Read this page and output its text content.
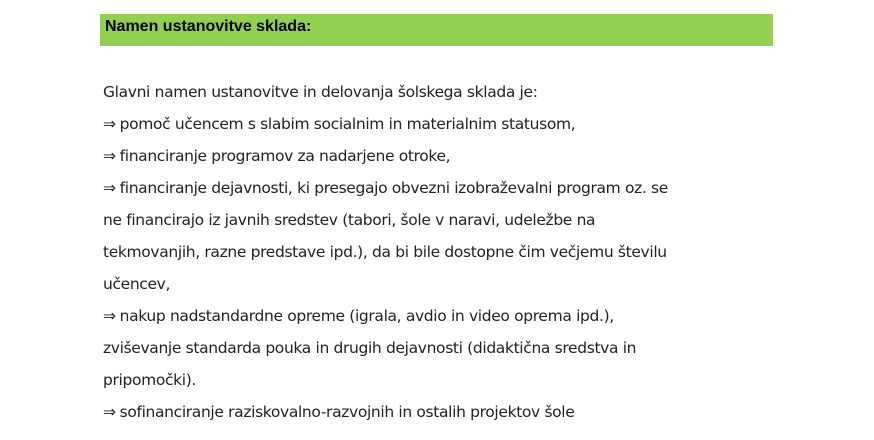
Namen ustanovitve sklada:
Glavni namen ustanovitve in delovanja šolskega sklada je:
⇒ pomoč učencem s slabim socialnim in materialnim statusom,
⇒ financiranje programov za nadarjene otroke,
⇒ financiranje dejavnosti, ki presegajo obvezni izobraževalni program oz. se
ne financirajo iz javnih sredstev (tabori, šole v naravi, udeležbe na
tekmovanjih, razne predstave ipd.), da bi bile dostopne čim večjemu številu
učencev,
⇒ nakup nadstandardne opreme (igrala, avdio in video oprema ipd.),
zviševanje standarda pouka in drugih dejavnosti (didaktična sredstva in
pripomočki).
⇒ sofinanciranje raziskovalno-razvojnih in ostalih projektov šole
